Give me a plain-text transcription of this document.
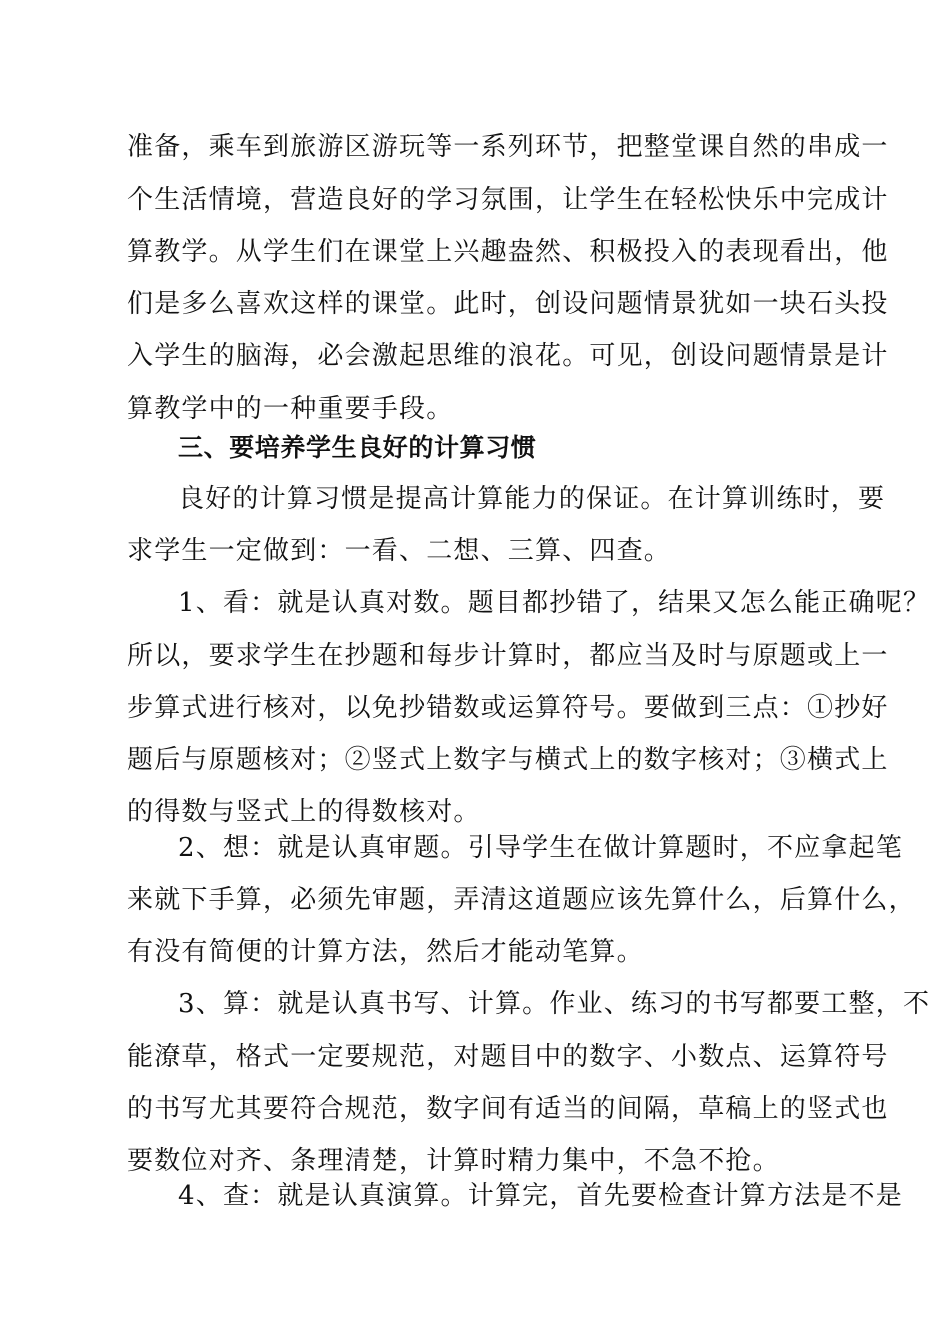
准备，乘车到旅游区游玩等一系列环节，把整堂课自然的串成一
个生活情境，营造良好的学习氛围，让学生在轻松快乐中完成计
算教学。从学生们在课堂上兴趣盎然、积极投入的表现看出，他
们是多么喜欢这样的课堂。此时，创设问题情景犹如一块石头投
入学生的脑海，必会激起思维的浪花。可见，创设问题情景是计
算教学中的一种重要手段。
三、要培养学生良好的计算习惯
良好的计算习惯是提高计算能力的保证。在计算训练时，要
求学生一定做到：一看、二想、三算、四查。
1、看：就是认真对数。题目都抄错了，结果又怎么能正确呢？
所以，要求学生在抄题和每步计算时，都应当及时与原题或上一
步算式进行核对，以免抄错数或运算符号。要做到三点：①抄好
题后与原题核对；②竖式上数字与横式上的数字核对；③横式上
的得数与竖式上的得数核对。
2、想：就是认真审题。引导学生在做计算题时，不应拿起笔
来就下手算，必须先审题，弄清这道题应该先算什么，后算什么，
有没有简便的计算方法，然后才能动笔算。
3、算：就是认真书写、计算。作业、练习的书写都要工整，不
能潦草，格式一定要规范，对题目中的数字、小数点、运算符号
的书写尤其要符合规范，数字间有适当的间隔，草稿上的竖式也
要数位对齐、条理清楚，计算时精力集中，不急不抢。
4、查：就是认真演算。计算完，首先要检查计算方法是不是
